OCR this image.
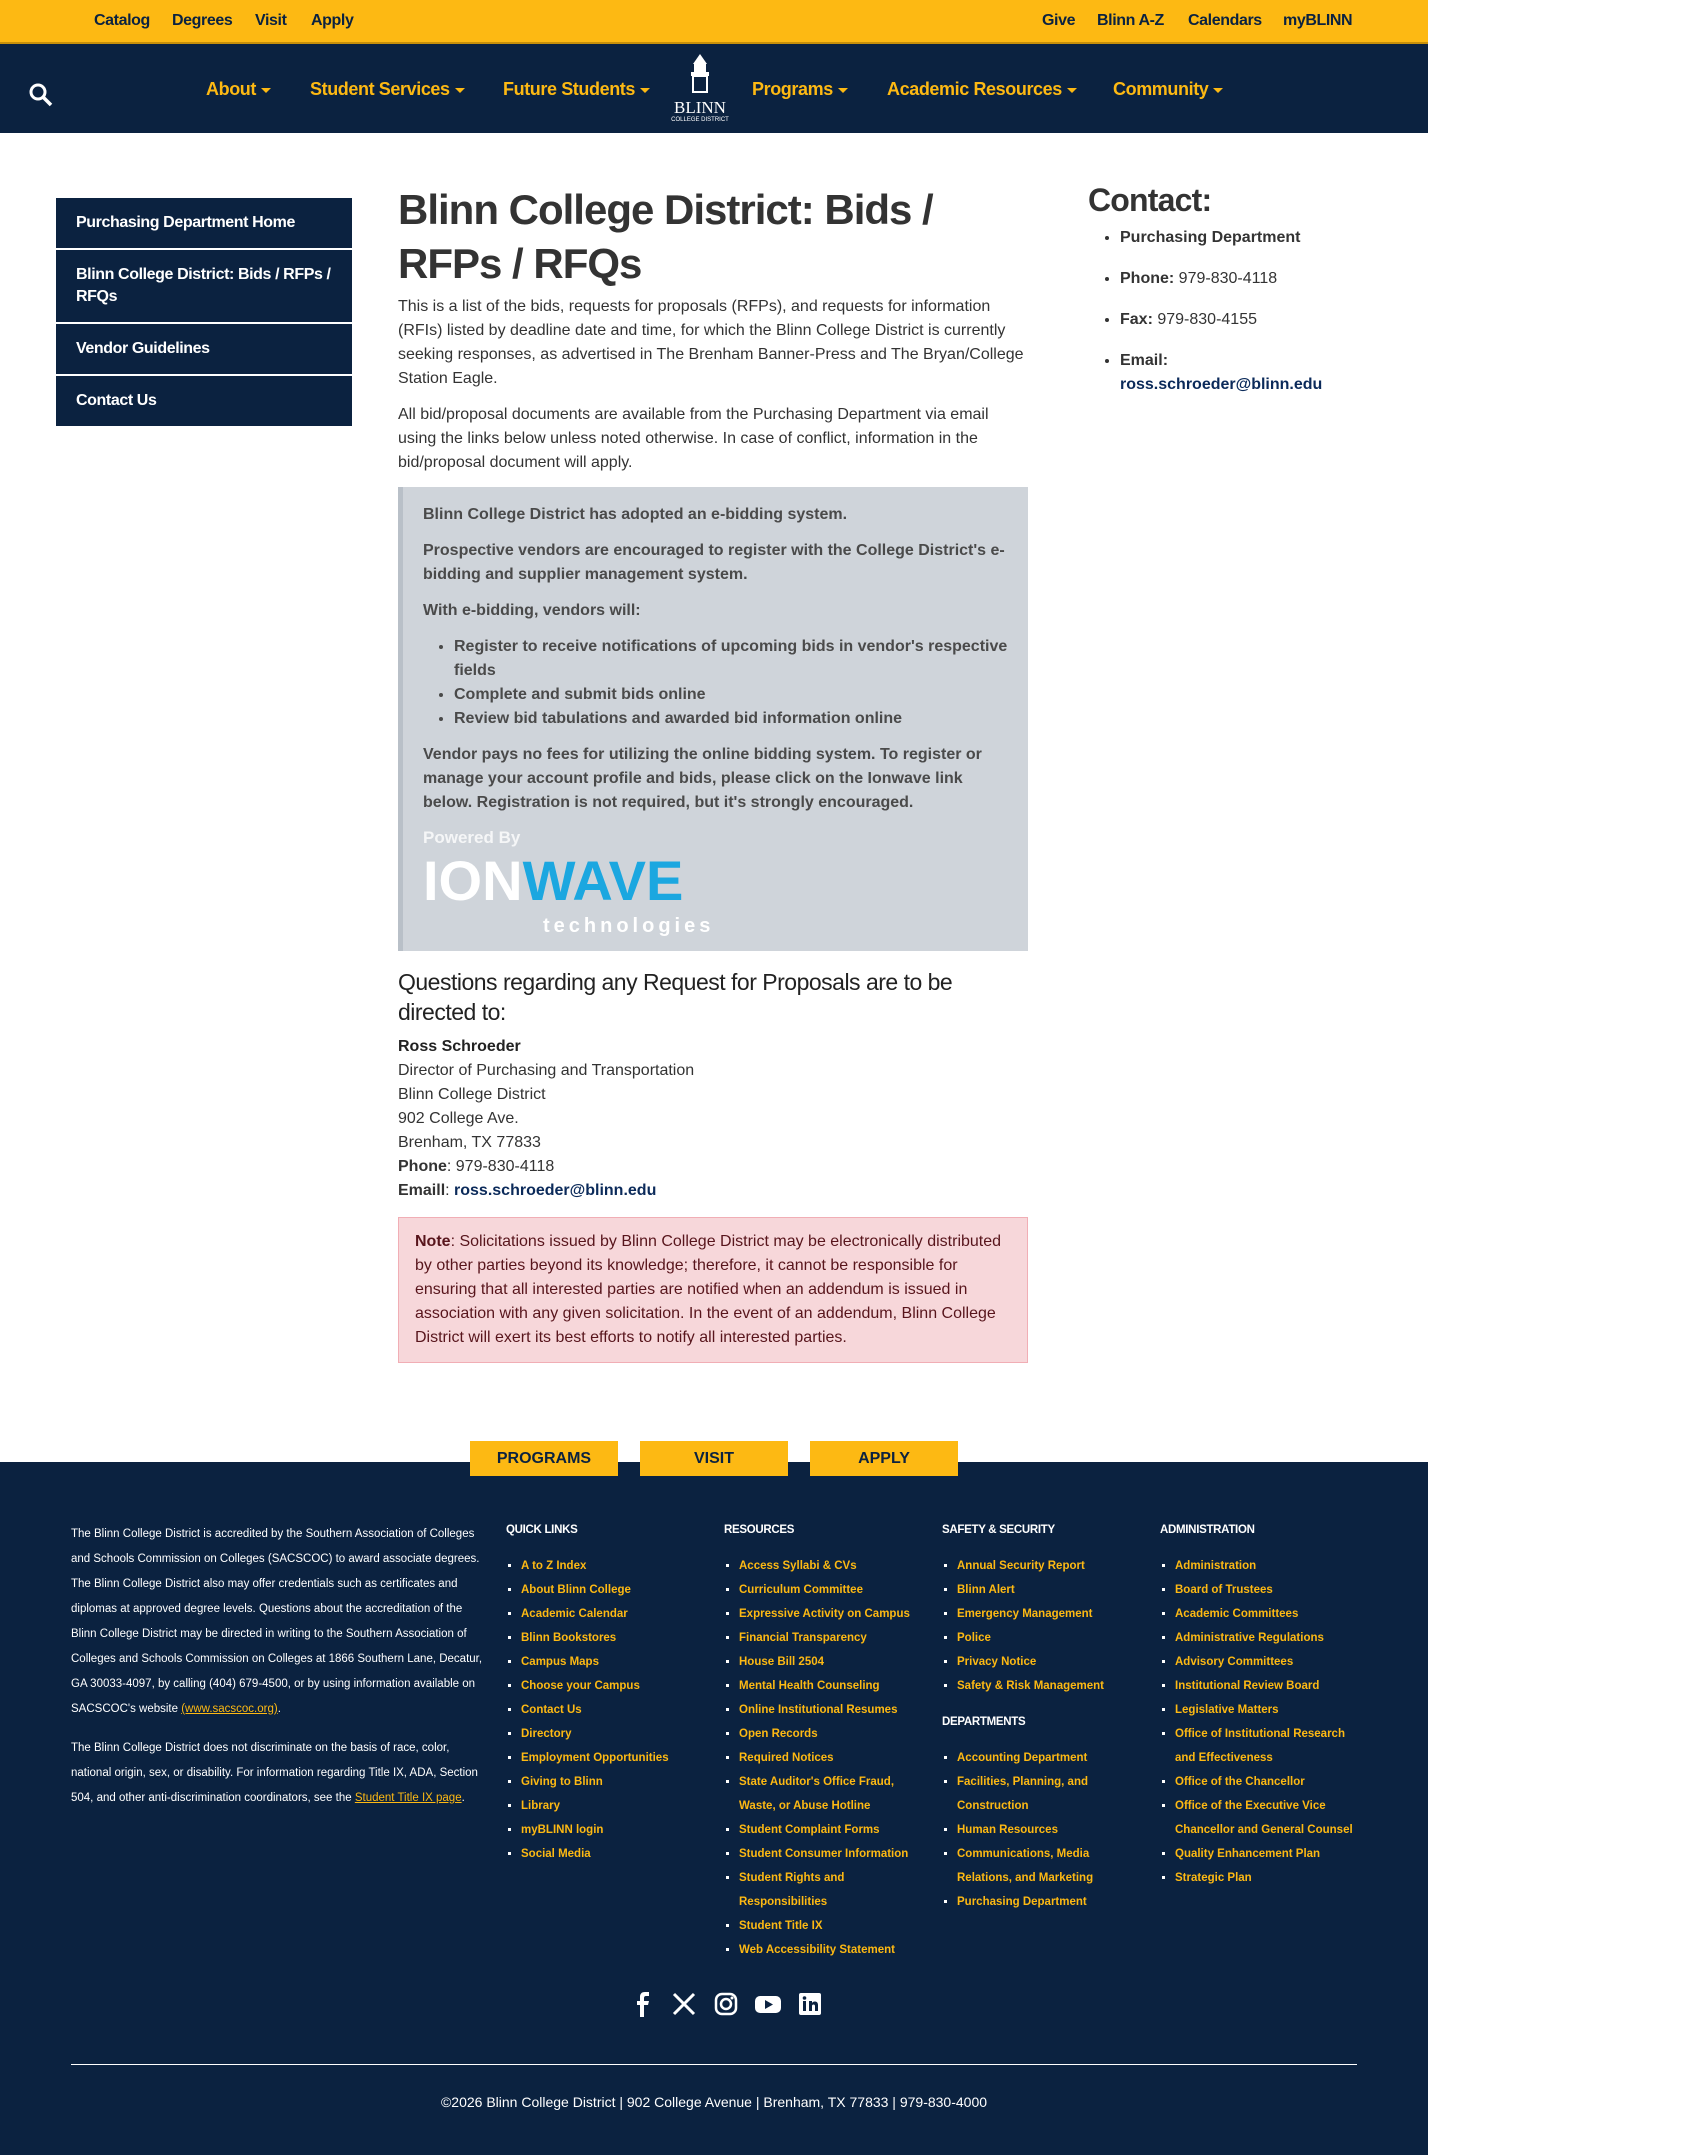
Catalog Degrees Visit Apply	Give Blinn A-Z Calendars myBLINN
About	Student Services	Future Students
BLINN
COLLEGE DISTRICT
Programs	Academic Resources	Community
Purchasing Department Home
Blinn College District: Bids / RFPs / RFQs
Vendor Guidelines
Contact Us
Blinn College District: Bids / RFPs / RFQs

This is a list of the bids, requests for proposals (RFPs), and requests for information (RFIs) listed by deadline date and time, for which the Blinn College District is currently seeking responses, as advertised in The Brenham Banner-Press and The Bryan/College Station Eagle.

All bid/proposal documents are available from the Purchasing Department via email using the links below unless noted otherwise. In case of conflict, information in the bid/proposal document will apply.

Blinn College District has adopted an e-bidding system.

Prospective vendors are encouraged to register with the College District's e-bidding and supplier management system.

With e-bidding, vendors will:

• Register to receive notifications of upcoming bids in vendor's respective fields
• Complete and submit bids online
• Review bid tabulations and awarded bid information online

Vendor pays no fees for utilizing the online bidding system. To register or manage your account profile and bids, please click on the Ionwave link below. Registration is not required, but it's strongly encouraged.

Powered By
IONWAVE
technologies
Questions regarding any Request for Proposals are to be directed to:
Ross Schroeder
Director of Purchasing and Transportation
Blinn College District
902 College Ave.
Brenham, TX 77833
Phone: 979-830-4118
Emaill: ross.schroeder@blinn.edu
Note: Solicitations issued by Blinn College District may be electronically distributed by other parties beyond its knowledge; therefore, it cannot be responsible for ensuring that all interested parties are notified when an addendum is issued in association with any given solicitation. In the event of an addendum, Blinn College District will exert its best efforts to notify all interested parties.
Contact:
• Purchasing Department
• Phone: 979-830-4118
• Fax: 979-830-4155
• Email:
ross.schroeder@blinn.edu
PROGRAMS	VISIT	APPLY

The Blinn College District is accredited by the Southern Association of Colleges and Schools Commission on Colleges (SACSCOC) to award associate degrees. The Blinn College District also may offer credentials such as certificates and diplomas at approved degree levels. Questions about the accreditation of the Blinn College District may be directed in writing to the Southern Association of Colleges and Schools Commission on Colleges at 1866 Southern Lane, Decatur, GA 30033-4097, by calling (404) 679-4500, or by using information available on SACSCOC's website (www.sacscoc.org).

The Blinn College District does not discriminate on the basis of race, color, national origin, sex, or disability. For information regarding Title IX, ADA, Section 504, and other anti-discrimination coordinators, see the Student Title IX page.

QUICK LINKS
▪ A to Z Index
▪ About Blinn College
▪ Academic Calendar
▪ Blinn Bookstores
▪ Campus Maps
▪ Choose your Campus
▪ Contact Us
▪ Directory
▪ Employment Opportunities
▪ Giving to Blinn
▪ Library
▪ myBLINN login
▪ Social Media
RESOURCES
▪ Access Syllabi & CVs
▪ Curriculum Committee
▪ Expressive Activity on Campus
▪ Financial Transparency
▪ House Bill 2504
▪ Mental Health Counseling
▪ Online Institutional Resumes
▪ Open Records
▪ Required Notices
▪ State Auditor's Office Fraud, Waste, or Abuse Hotline
▪ Student Complaint Forms
▪ Student Consumer Information
▪ Student Rights and Responsibilities
▪ Student Title IX
▪ Web Accessibility Statement
SAFETY & SECURITY
▪ Annual Security Report
▪ Blinn Alert
▪ Emergency Management
▪ Police
▪ Privacy Notice
▪ Safety & Risk Management
DEPARTMENTS
▪ Accounting Department
▪ Facilities, Planning, and Construction
▪ Human Resources
▪ Communications, Media Relations, and Marketing
▪ Purchasing Department
ADMINISTRATION
▪ Administration
▪ Board of Trustees
▪ Academic Committees
▪ Administrative Regulations
▪ Advisory Committees
▪ Institutional Review Board
▪ Legislative Matters
▪ Office of Institutional Research and Effectiveness
▪ Office of the Chancellor
▪ Office of the Executive Vice Chancellor and General Counsel
▪ Quality Enhancement Plan
▪ Strategic Plan
©2026 Blinn College District | 902 College Avenue | Brenham, TX 77833 | 979-830-4000
